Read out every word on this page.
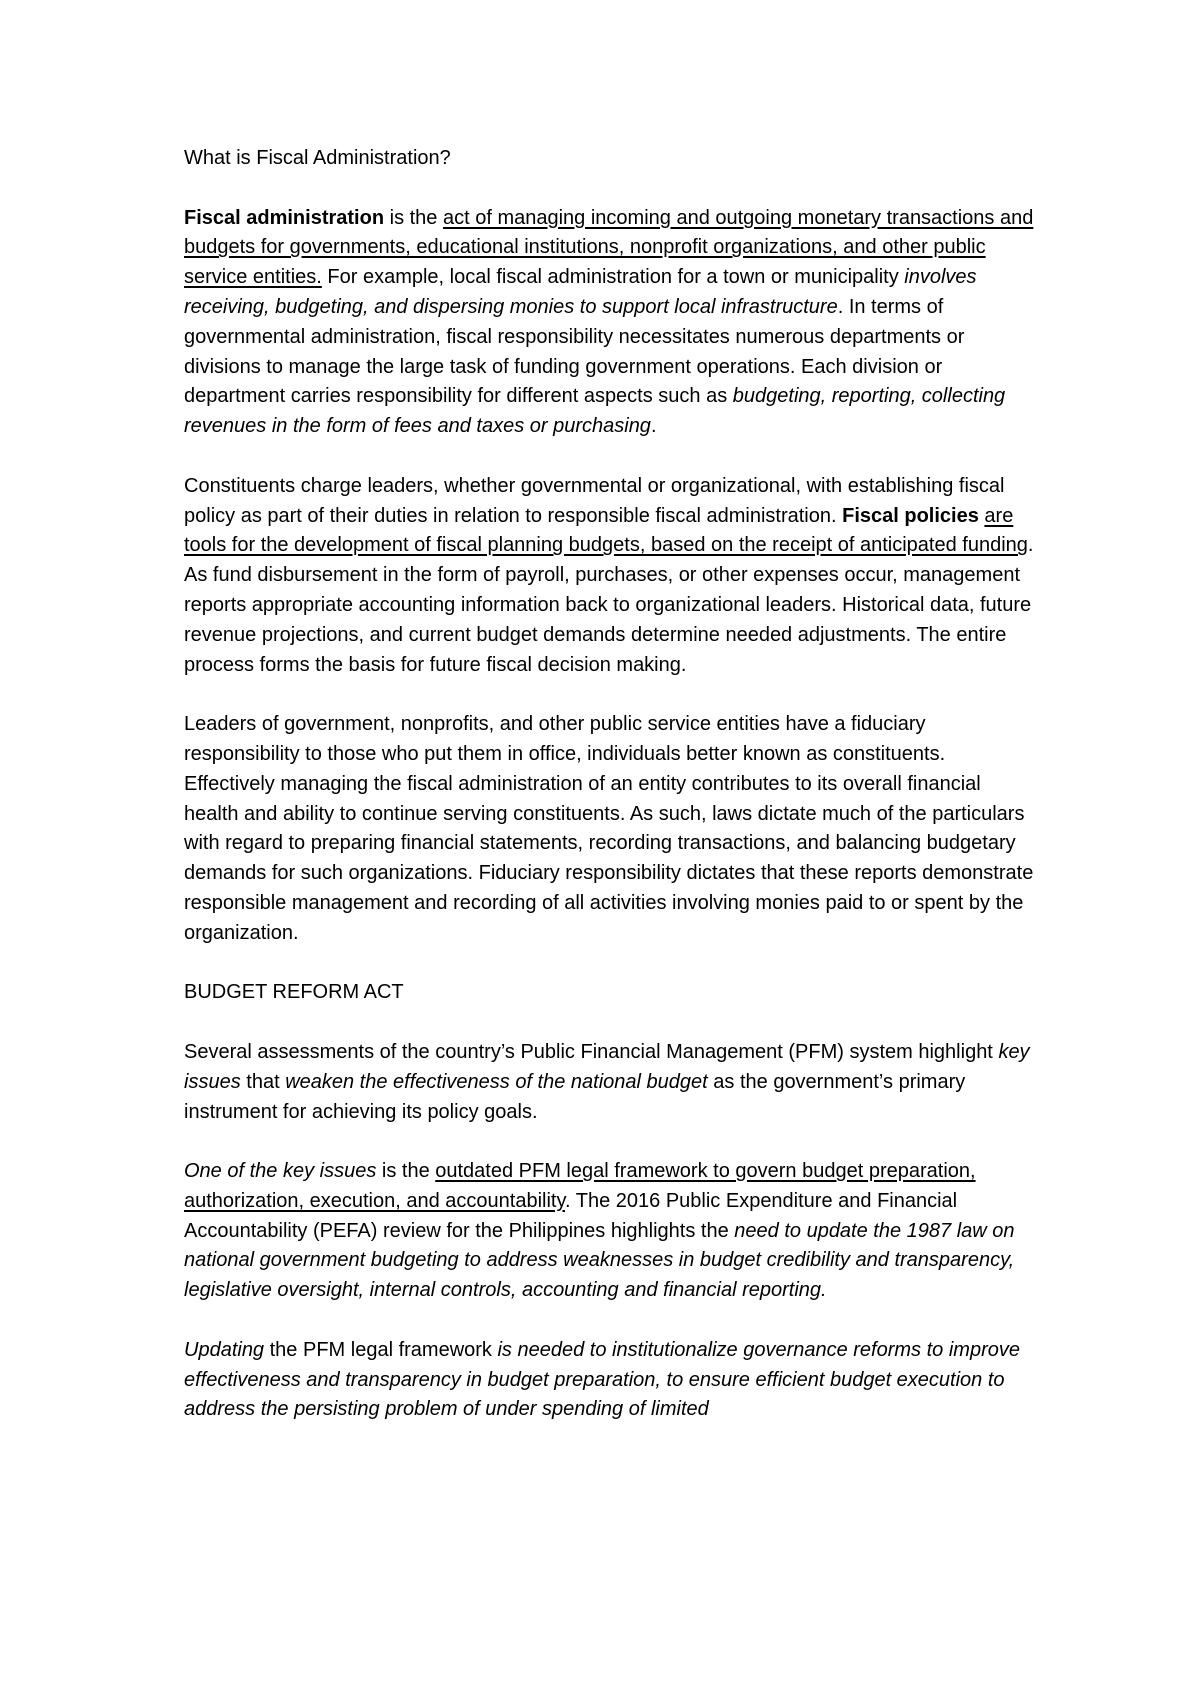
What is Fiscal Administration?

Fiscal administration is the act of managing incoming and outgoing monetary transactions and budgets for governments, educational institutions, nonprofit organizations, and other public service entities. For example, local fiscal administration for a town or municipality involves receiving, budgeting, and dispersing monies to support local infrastructure. In terms of governmental administration, fiscal responsibility necessitates numerous departments or divisions to manage the large task of funding government operations. Each division or department carries responsibility for different aspects such as budgeting, reporting, collecting revenues in the form of fees and taxes or purchasing.

Constituents charge leaders, whether governmental or organizational, with establishing fiscal policy as part of their duties in relation to responsible fiscal administration. Fiscal policies are tools for the development of fiscal planning budgets, based on the receipt of anticipated funding. As fund disbursement in the form of payroll, purchases, or other expenses occur, management reports appropriate accounting information back to organizational leaders. Historical data, future revenue projections, and current budget demands determine needed adjustments. The entire process forms the basis for future fiscal decision making.

Leaders of government, nonprofits, and other public service entities have a fiduciary responsibility to those who put them in office, individuals better known as constituents. Effectively managing the fiscal administration of an entity contributes to its overall financial health and ability to continue serving constituents. As such, laws dictate much of the particulars with regard to preparing financial statements, recording transactions, and balancing budgetary demands for such organizations. Fiduciary responsibility dictates that these reports demonstrate responsible management and recording of all activities involving monies paid to or spent by the organization.

BUDGET REFORM ACT

Several assessments of the country’s Public Financial Management (PFM) system highlight key issues that weaken the effectiveness of the national budget as the government’s primary instrument for achieving its policy goals.

One of the key issues is the outdated PFM legal framework to govern budget preparation, authorization, execution, and accountability. The 2016 Public Expenditure and Financial Accountability (PEFA) review for the Philippines highlights the need to update the 1987 law on national government budgeting to address weaknesses in budget credibility and transparency, legislative oversight, internal controls, accounting and financial reporting.

Updating the PFM legal framework is needed to institutionalize governance reforms to improve effectiveness and transparency in budget preparation, to ensure efficient budget execution to address the persisting problem of under spending of limited
